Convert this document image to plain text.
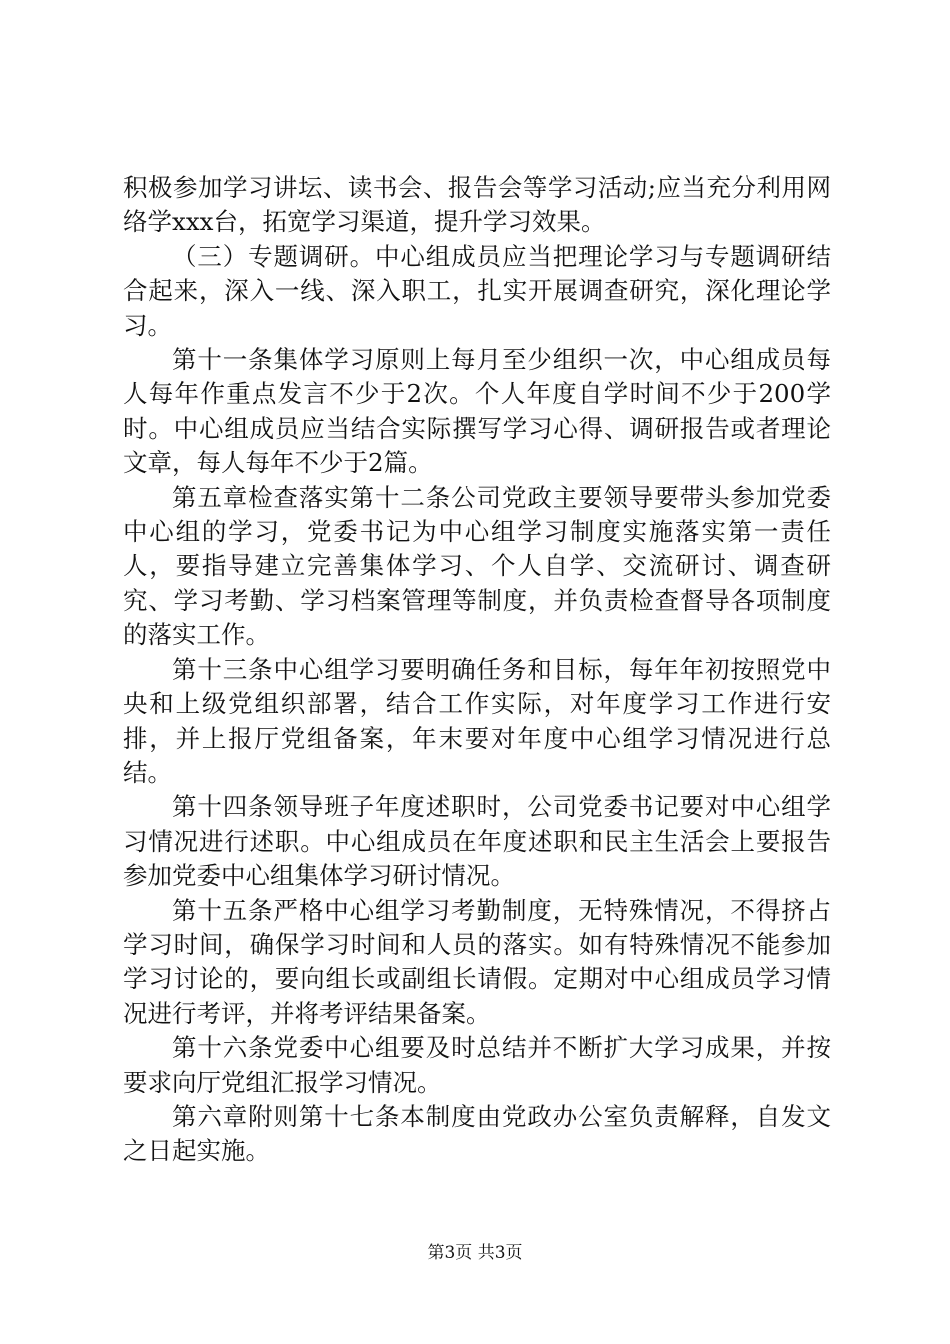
积极参加学习讲坛、读书会、报告会等学习活动;应当充分利用网络学xxx台，拓宽学习渠道，提升学习效果。

（三）专题调研。中心组成员应当把理论学习与专题调研结合起来，深入一线、深入职工，扎实开展调查研究，深化理论学习。

第十一条集体学习原则上每月至少组织一次，中心组成员每人每年作重点发言不少于2次。个人年度自学时间不少于200学时。中心组成员应当结合实际撰写学习心得、调研报告或者理论文章，每人每年不少于2篇。

第五章检查落实第十二条公司党政主要领导要带头参加党委中心组的学习，党委书记为中心组学习制度实施落实第一责任人，要指导建立完善集体学习、个人自学、交流研讨、调查研究、学习考勤、学习档案管理等制度，并负责检查督导各项制度的落实工作。

第十三条中心组学习要明确任务和目标，每年年初按照党中央和上级党组织部署，结合工作实际，对年度学习工作进行安排，并上报厅党组备案，年末要对年度中心组学习情况进行总结。

第十四条领导班子年度述职时，公司党委书记要对中心组学习情况进行述职。中心组成员在年度述职和民主生活会上要报告参加党委中心组集体学习研讨情况。

第十五条严格中心组学习考勤制度，无特殊情况，不得挤占学习时间，确保学习时间和人员的落实。如有特殊情况不能参加学习讨论的，要向组长或副组长请假。定期对中心组成员学习情况进行考评，并将考评结果备案。

第十六条党委中心组要及时总结并不断扩大学习成果，并按要求向厅党组汇报学习情况。

第六章附则第十七条本制度由党政办公室负责解释，自发文之日起实施。

第3页 共3页
